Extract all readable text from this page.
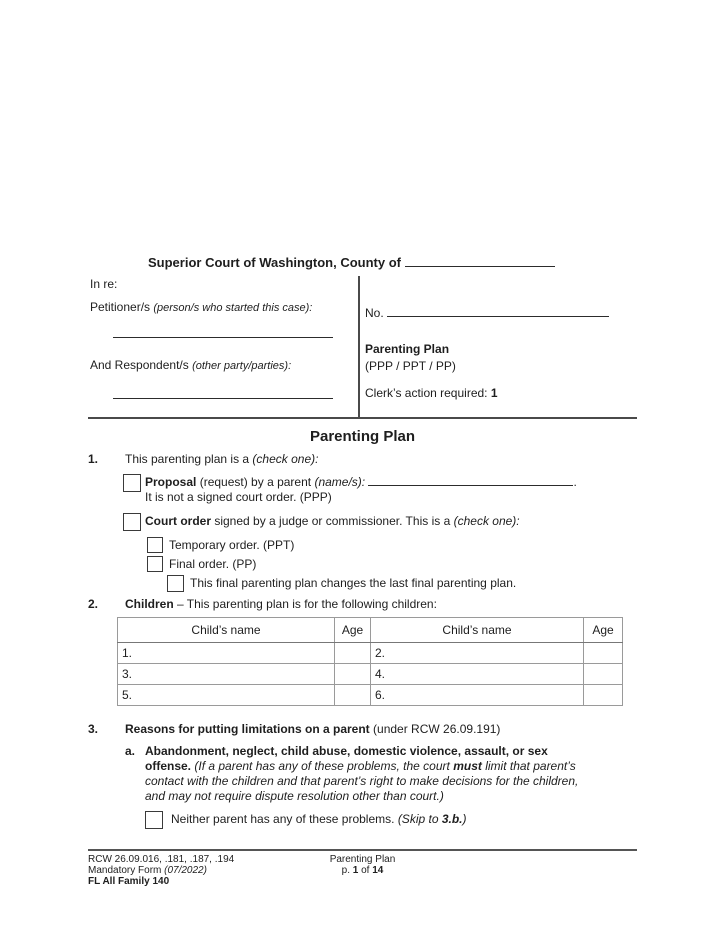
Superior Court of Washington, County of
In re:
Petitioner/s (person/s who started this case):
And Respondent/s (other party/parties):
No.
Parenting Plan
(PPP / PPT / PP)
Clerk’s action required: 1
Parenting Plan
1.	This parenting plan is a (check one):
Proposal (request) by a parent (name/s):	.
It is not a signed court order. (PPP)
Court order signed by a judge or commissioner. This is a (check one):
Temporary order. (PPT)
Final order. (PP)
This final parenting plan changes the last final parenting plan.
2.	Children – This parenting plan is for the following children:
Child’s name	Age	Child’s name	Age
1.		2.	
3.		4.	
5.		6.	
3.	Reasons for putting limitations on a parent (under RCW 26.09.191)
a. Abandonment, neglect, child abuse, domestic violence, assault, or sex offense. (If a parent has any of these problems, the court must limit that parent’s contact with the children and that parent’s right to make decisions for the children, and may not require dispute resolution other than court.)
Neither parent has any of these problems. (Skip to 3.b.)
RCW 26.09.016, .181, .187, .194
Mandatory Form (07/2022)
FL All Family 140
Parenting Plan
p. 1 of 14
